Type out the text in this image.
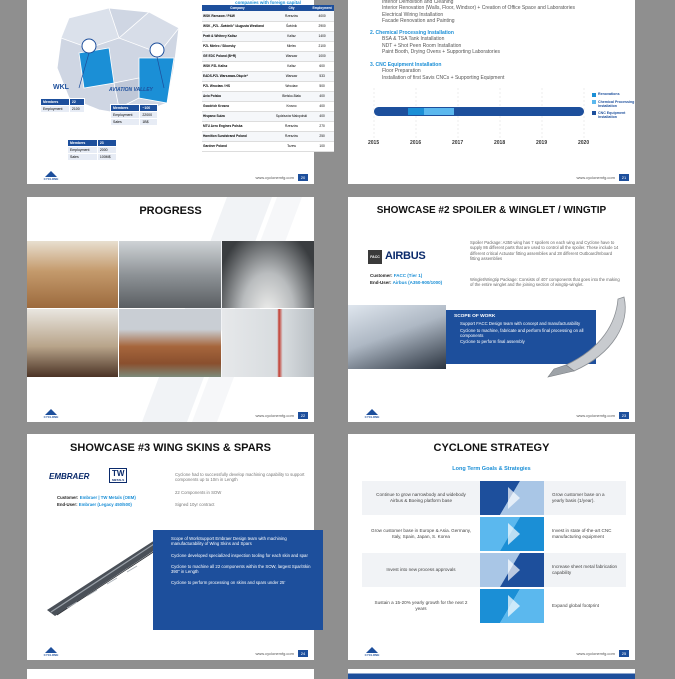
WKL	AVIATION VALLEY
Members	22
Employment	2100	Members	~100
Employment	22000
Sales	1B$
Members	23
Employment	2000
Sales	100M$
companies with foreign capital
Company	City	Employment
WSK Rzeszow / P&W	Rzeszów	4000
WSK „PZL -Świdnik" /Augusta Westland	Świdnik	2900
Pratt & Whitney Kalisz	Kalisz	1400
PZL Mielec / Sikorsky	Mielec	2100
GE EDC Poland (B+R)	Warsaw	1000
WSK PZL Kalisz	Kalisz	600
EADS-PZL Warszawa-Okęcie*	Warsaw	533
PZL Wrocław / HS	Wrocław	500
Avio Polska	Bielsko-Biała	400
Goodrich Krosno	Krosno	400
Hispano Suiza	Sędziszów Małopolski	400
MTU Aero Engines Polska	Rzeszów	270
Hamilton Sundstrand Poland	Rzeszów	250
Gardner Poland	Tczew	100
CYCLONE	www.cyclonemfg.com	20
Interior Demolition and Cleaning
Interior Renovation (Walls, Floor, Windsor) + Creation of Office Space and Laboratories
Electrical Wiring Installation
Facade Renovation and Painting
2. Chemical Processing Installation
BSA & TSA Tank Installation
NDT + Shot Peen Room Installation
Paint Booth, Drying Ovens + Supporting Laboratories
3. CNC Equipment Installation
Floor Preparation
Installation of first Savis CNCs + Supporting Equipment
2015	2016	2017	2018	2019	2020
Renovations
Chemical Processing Installation
CNC Equipment Installation
www.cyclonemfg.com	21
PROGRESS
CYCLONE	www.cyclonemfg.com	22
SHOWCASE #2 SPOILER & WINGLET / WINGTIP
FACC AIRBUS
Customer: FACC (Tier 1)
End-User: Airbus (A350-900/1000)
Spoiler Package: A350 wing has 7 spoilers on each wing and Cyclone have to supply 86 different parts that are used to control all the spoiler. These include 14 different critical Actuator fitting assemblies and 28 different Outboard/Inboard fitting assemblies
Winglet/Wingtip Package: Consists of 407 components that goes into the making of the entire winglet and the joining section of wingtip-winglet.
SCOPE OF WORK
Support FACC Design team with concept and manufacturability
Cyclone to machine, fabricate and perform final processing on all components
Cyclone to perform final assembly
CYCLONE	www.cyclonemfg.com	23
SHOWCASE #3 WING SKINS & SPARS
EMBRAER	TW
METALS
Customer: Embraer | TW Metals (OEM)
End-User: Embraer (Legacy 450/500)
Cyclone had to successfully develop machining capability to support components up to 10m in Length
22 Components in SOW
Signed 10yr contract
Scope of WorkSupport Embraer Design team with machining manufacturability of Wing Skins and Spars
Cyclone developed specialized inspection tooling for each skin and spar
Cyclone to machine all 22 components within the SOW, largest Spar/Skin 390" in Length
Cyclone to perform processing on skins and spars under 25'
CYCLONE	www.cyclonemfg.com	24
CYCLONE STRATEGY
Long Term Goals & Strategies
Continue to grow narrowbody and widebody Airbus & Boeing platform base
Grow customer base on a yearly basis (1/year).
Grow customer base in Europe & Asia. Germany, Italy, Spain, Japan, S. Korea
Invest in state of-the-art CNC manufacturing equipment
Invest into new process approvals
Increase sheet metal fabrication capability
Sustain a 15-20% yearly growth for the next 2 years
Expand global footprint
CYCLONE	www.cyclonemfg.com	25
